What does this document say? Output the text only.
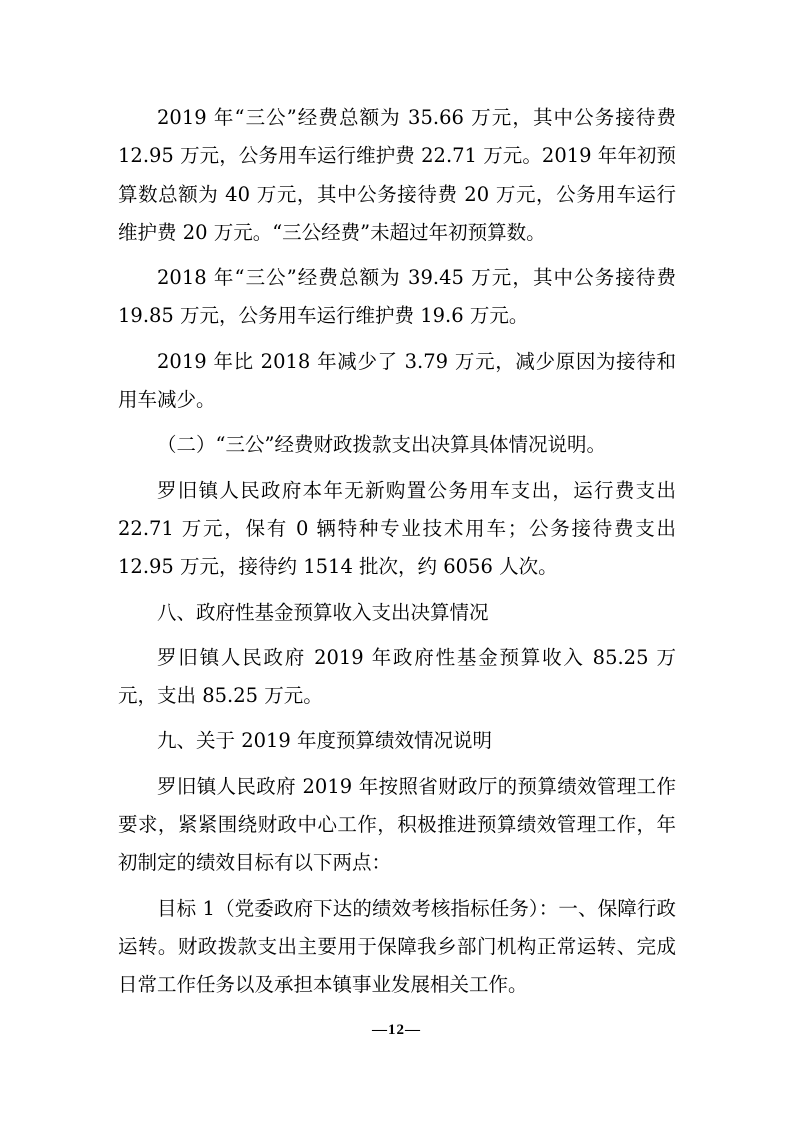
2019 年“三公”经费总额为 35.66 万元，其中公务接待费 12.95 万元，公务用车运行维护费 22.71 万元。2019 年年初预算数总额为 40 万元，其中公务接待费 20 万元，公务用车运行维护费 20 万元。“三公经费”未超过年初预算数。

2018 年“三公”经费总额为 39.45 万元，其中公务接待费 19.85 万元，公务用车运行维护费 19.6 万元。

2019 年比 2018 年减少了 3.79 万元，减少原因为接待和用车减少。

（二）“三公”经费财政拨款支出决算具体情况说明。

罗旧镇人民政府本年无新购置公务用车支出，运行费支出 22.71 万元，保有 0 辆特种专业技术用车；公务接待费支出 12.95 万元，接待约 1514 批次，约 6056 人次。

八、政府性基金预算收入支出决算情况

罗旧镇人民政府 2019 年政府性基金预算收入 85.25 万元，支出 85.25 万元。

九、关于 2019 年度预算绩效情况说明

罗旧镇人民政府 2019 年按照省财政厅的预算绩效管理工作要求，紧紧围绕财政中心工作，积极推进预算绩效管理工作，年初制定的绩效目标有以下两点：

目标 1（党委政府下达的绩效考核指标任务）：一、保障行政运转。财政拨款支出主要用于保障我乡部门机构正常运转、完成日常工作任务以及承担本镇事业发展相关工作。

—12—
